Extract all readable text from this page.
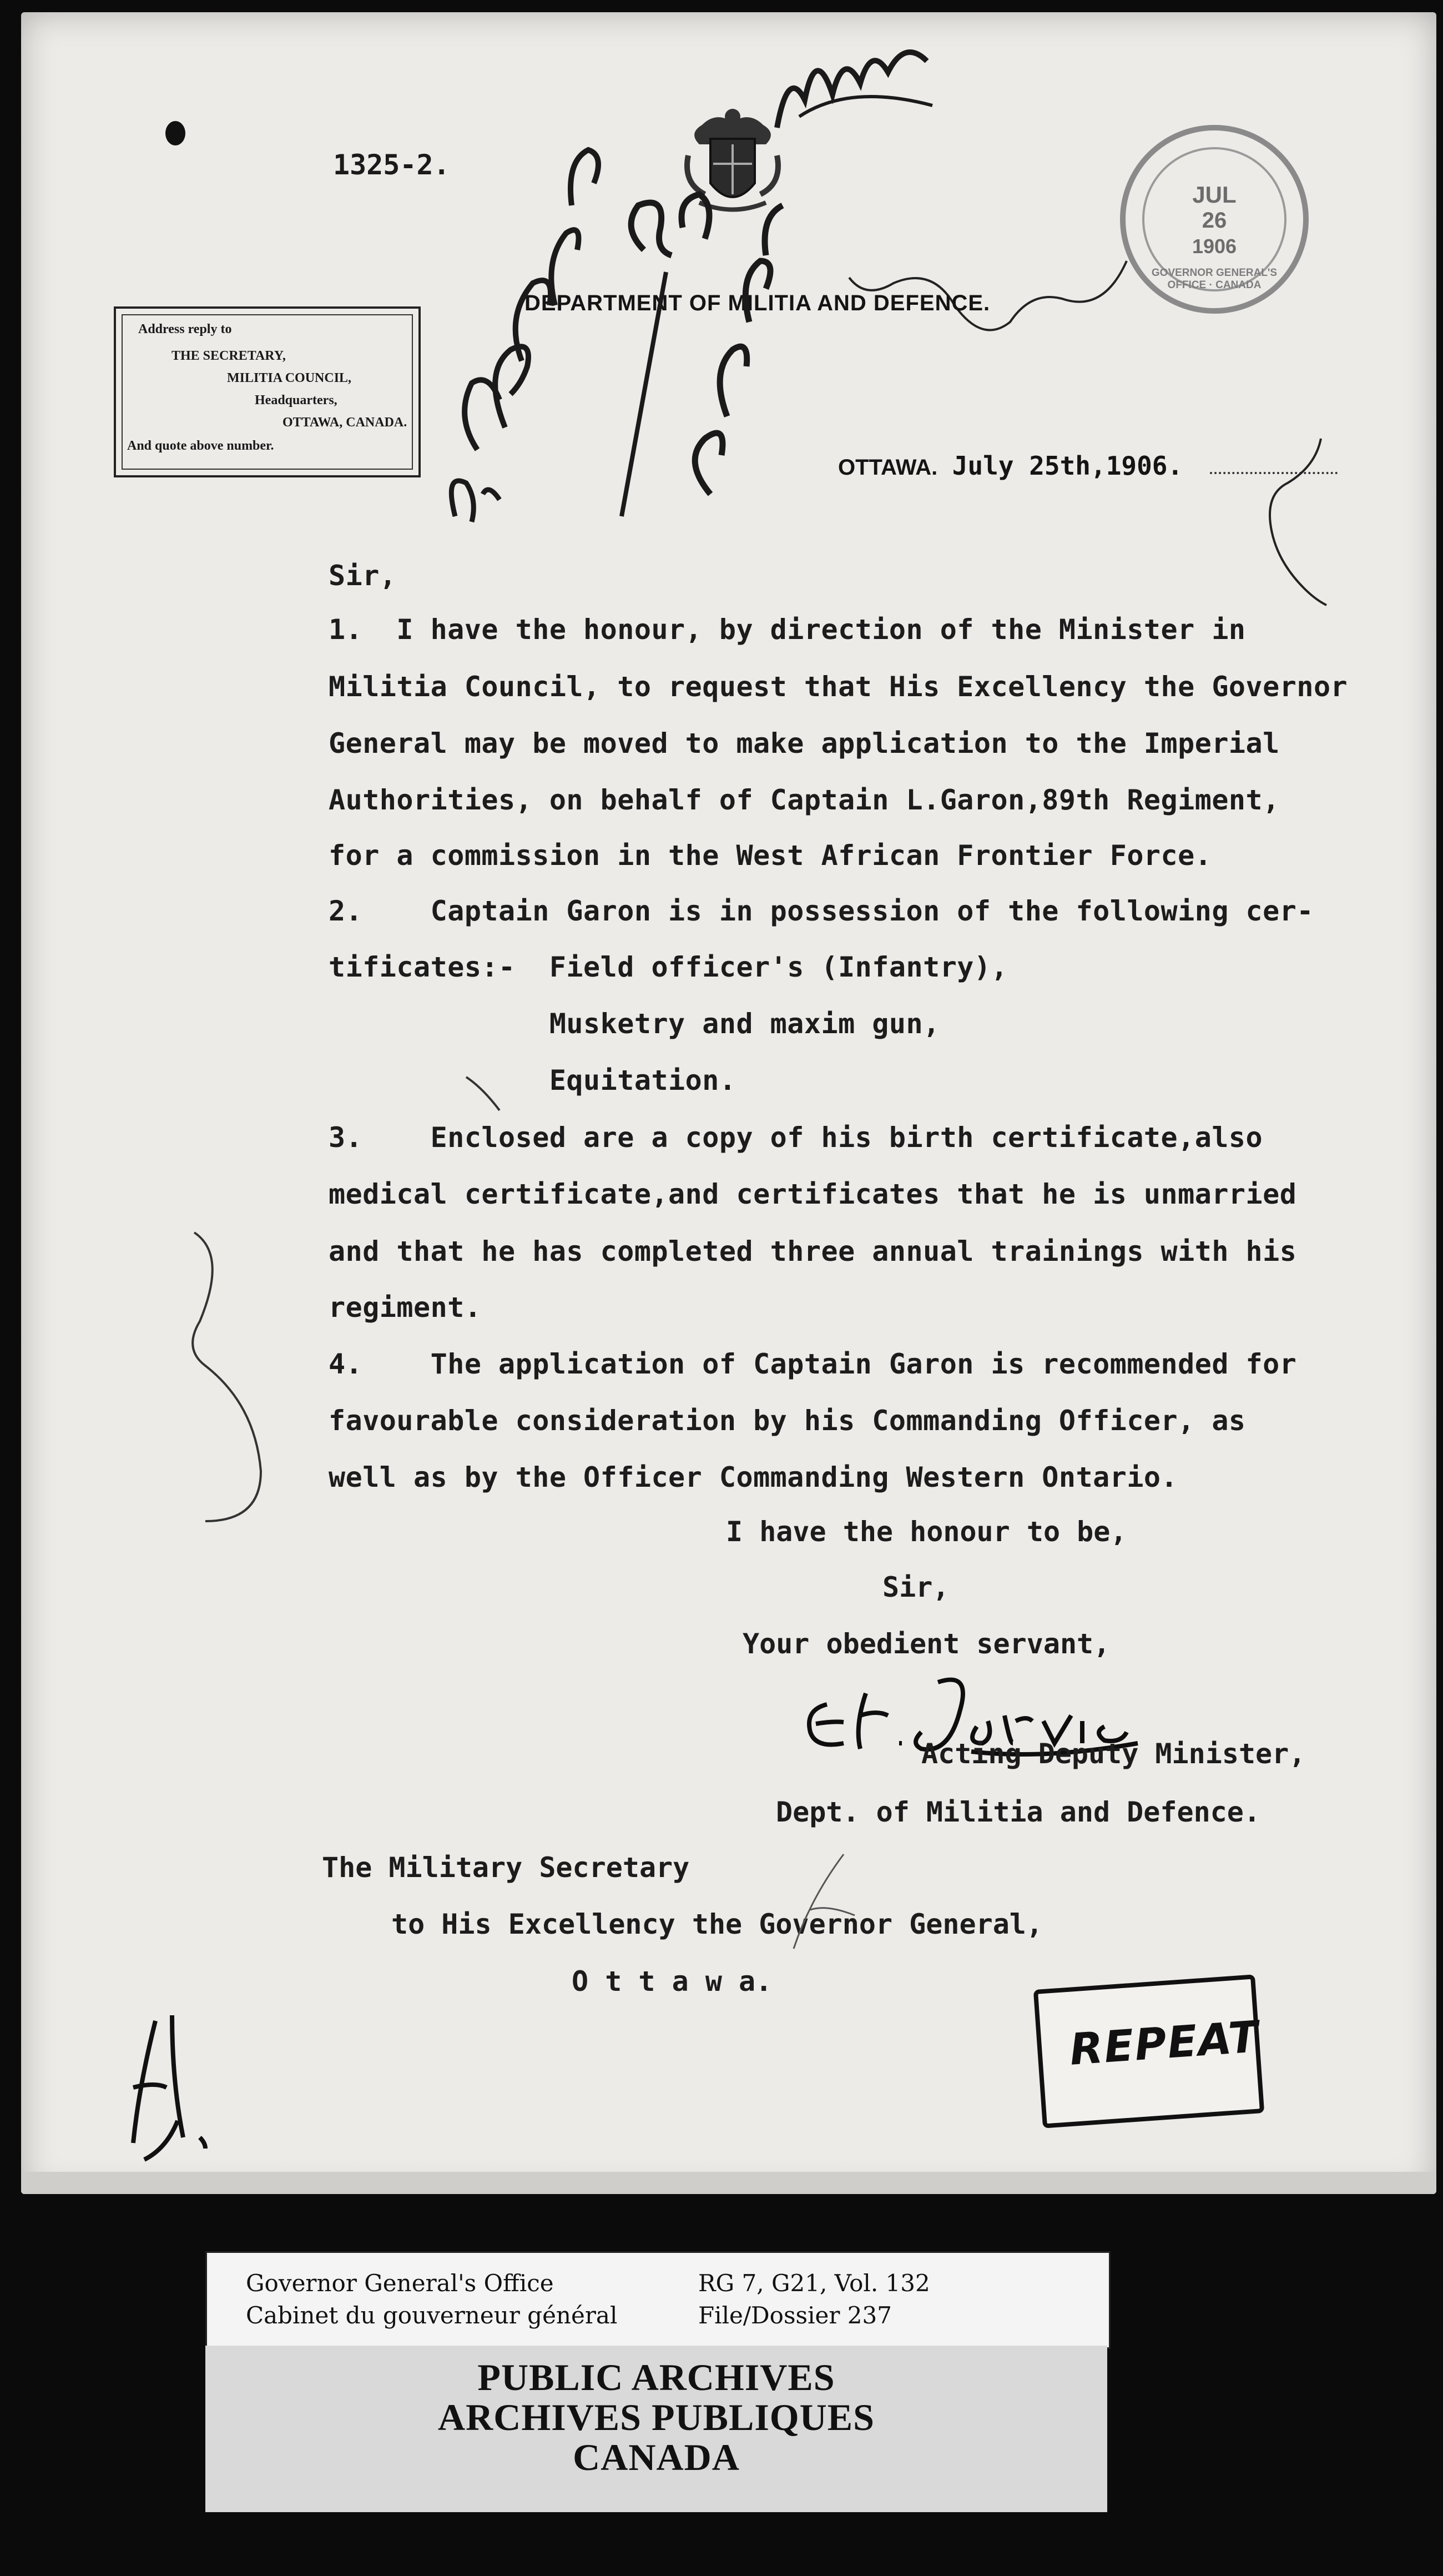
1325-2.
JUL
26
1906
GOVERNOR GENERAL'S OFFICE · CANADA
Address reply to
THE SECRETARY,
MILITIA COUNCIL,
Headquarters,
OTTAWA, CANADA.
And quote above number.
DEPARTMENT OF MILITIA AND DEFENCE.
OTTAWA. July 25th,1906.
Sir,
1.  I have the honour, by direction of the Minister in
Militia Council, to request that His Excellency the Governor
General may be moved to make application to the Imperial
Authorities, on behalf of Captain L.Garon,89th Regiment,
for a commission in the West African Frontier Force.
2.    Captain Garon is in possession of the following cer-
tificates:-  Field officer's (Infantry),
Musketry and maxim gun,
Equitation.
3.    Enclosed are a copy of his birth certificate,also
medical certificate,and certificates that he is unmarried
and that he has completed three annual trainings with his
regiment.
4.    The application of Captain Garon is recommended for
favourable consideration by his Commanding Officer, as
well as by the Officer Commanding Western Ontario.
I have the honour to be,
Sir,
Your obedient servant,
Acting Deputy Minister,
Dept. of Militia and Defence.
The Military Secretary
to His Excellency the Governor General,
O t t a w a.
REPEAT
Governor General's Office
Cabinet du gouverneur général
RG 7, G21, Vol. 132
File/Dossier 237
PUBLIC ARCHIVES
ARCHIVES PUBLIQUES
CANADA
